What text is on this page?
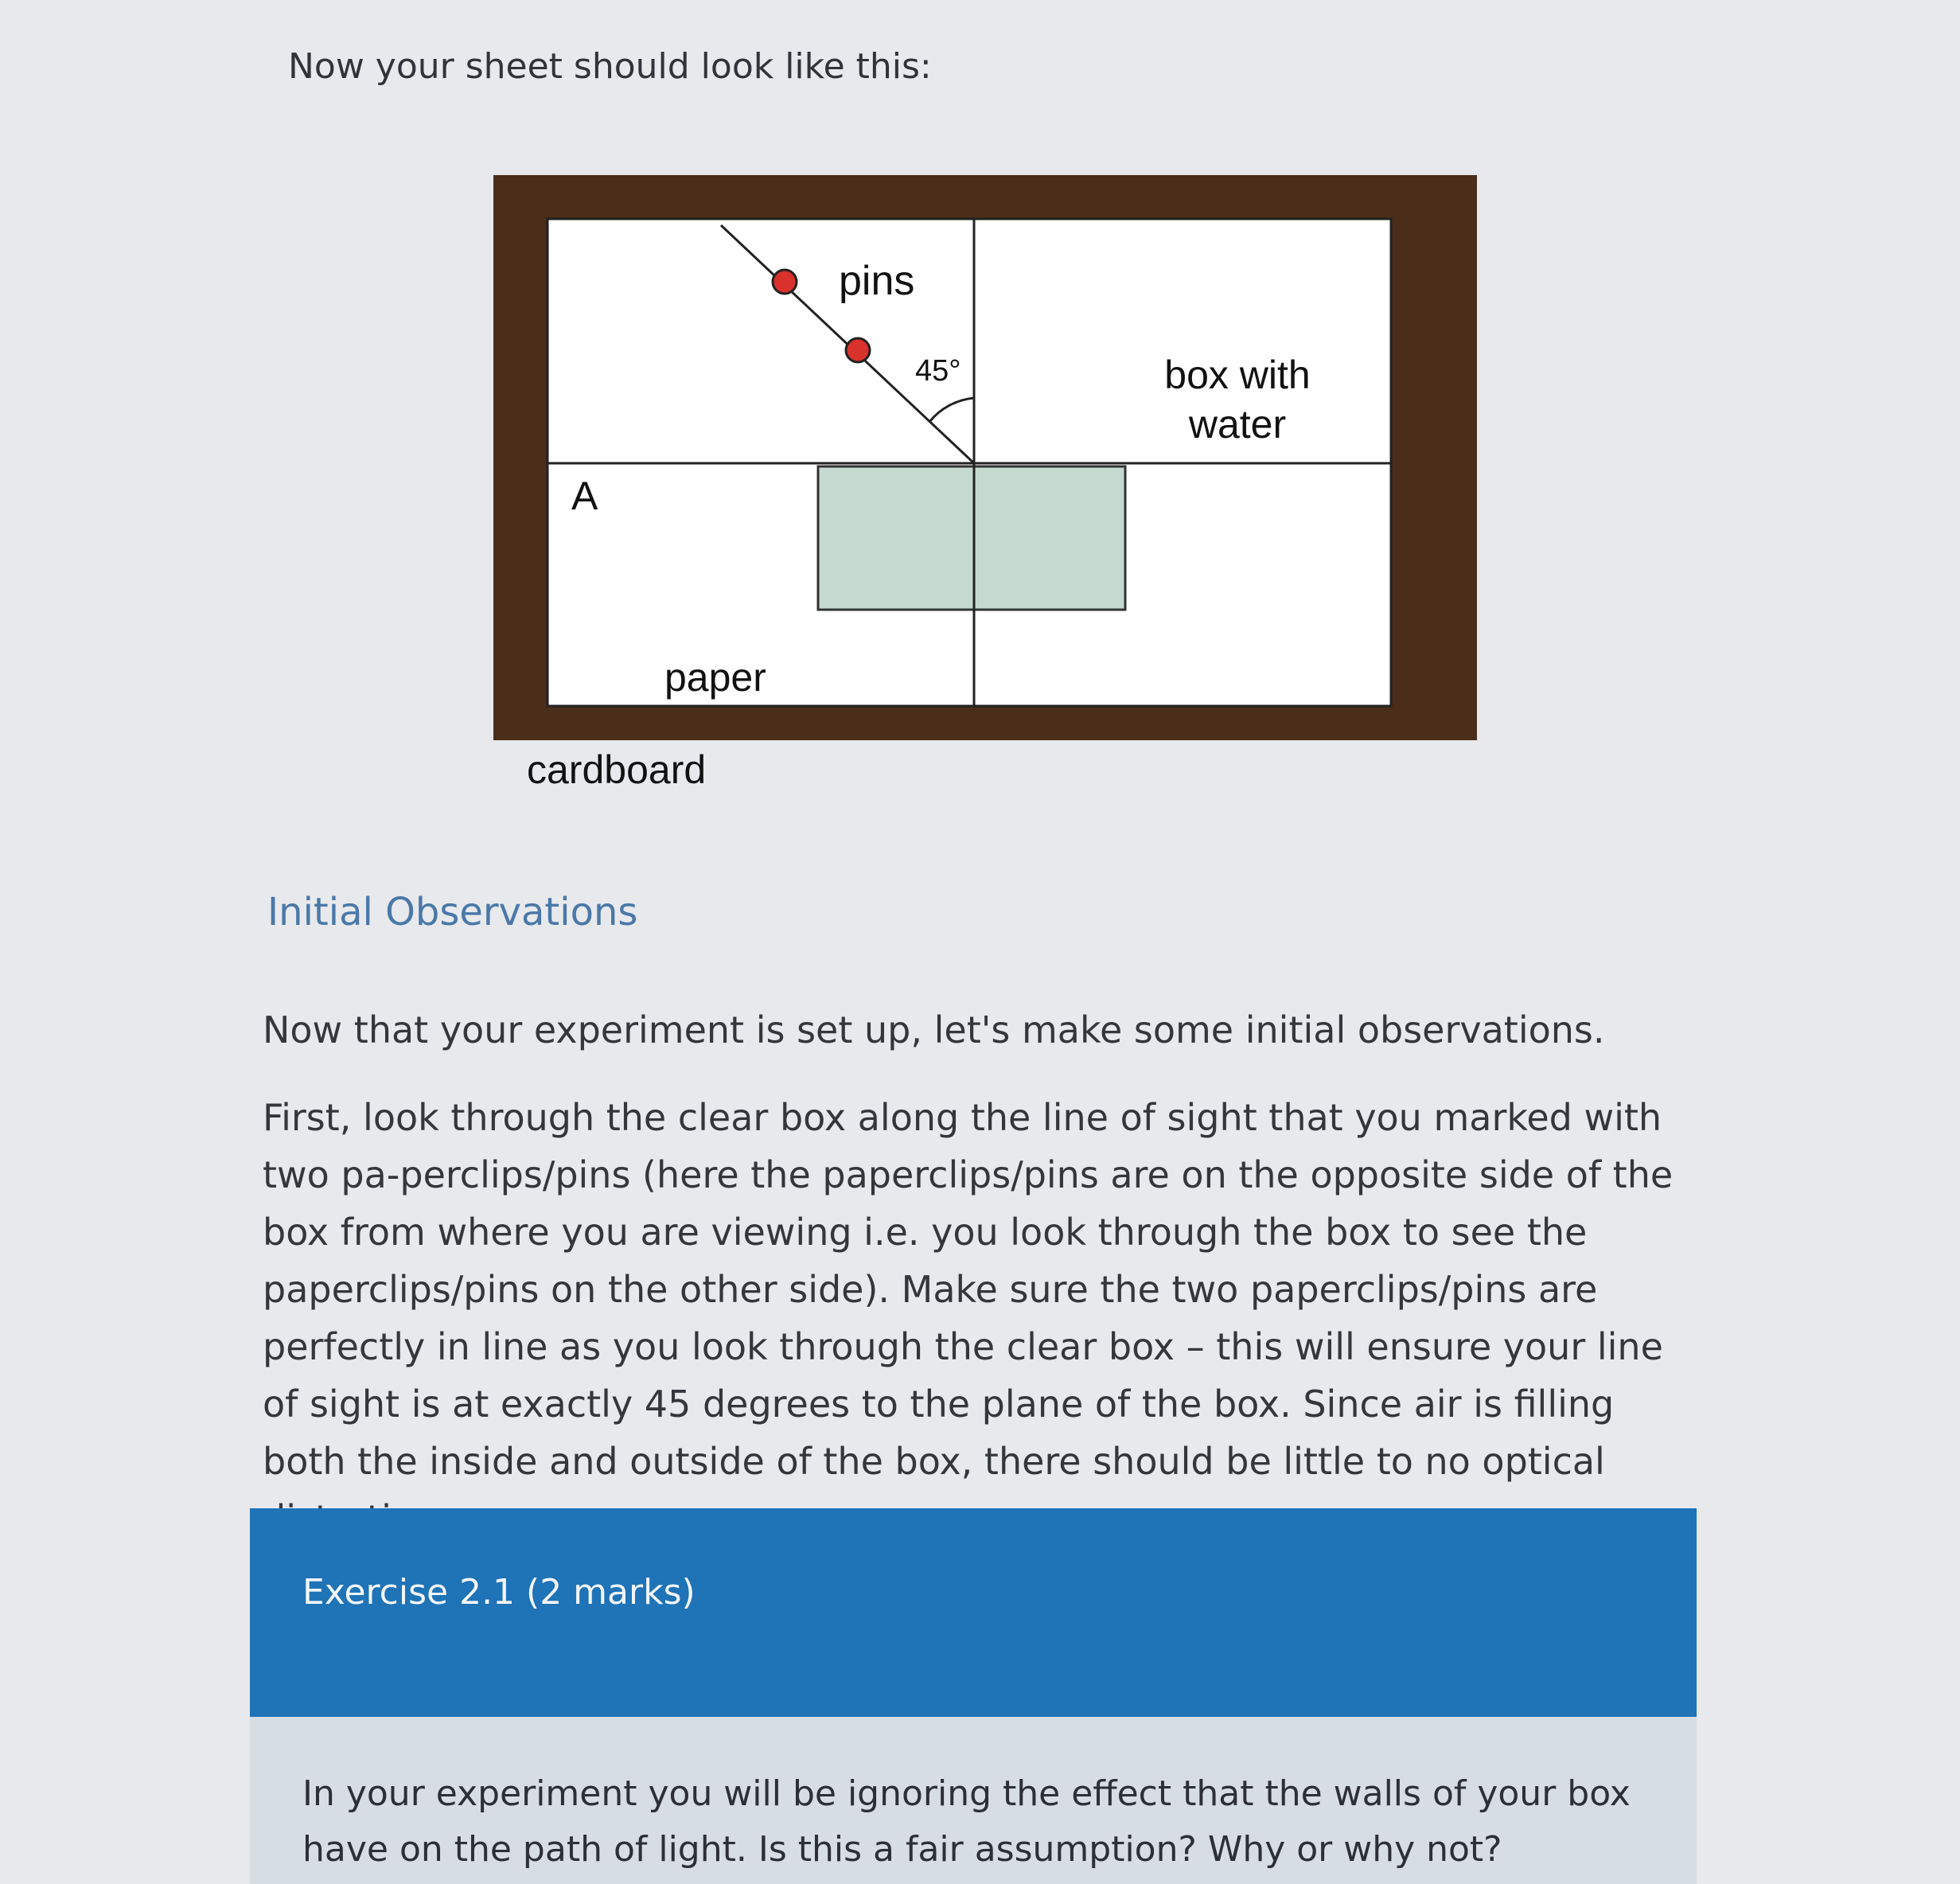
Now your sheet should look like this:
pins
45°	box with
water
A
paper
cardboard
Initial Observations

Now that your experiment is set up, let's make some initial observations.

First, look through the clear box along the line of sight that you marked with two pa-perclips/pins (here the paperclips/pins are on the opposite side of the box from where you are viewing i.e. you look through the box to see the paperclips/pins on the other side). Make sure the two paperclips/pins are perfectly in line as you look through the clear box – this will ensure your line of sight is at exactly 45 degrees to the plane of the box. Since air is filling both the inside and outside of the box, there should be little to no optical

Exercise 2.1 (2 marks)
In your experiment you will be ignoring the effect that the walls of your box have on the path of light. Is this a fair assumption? Why or why not?
